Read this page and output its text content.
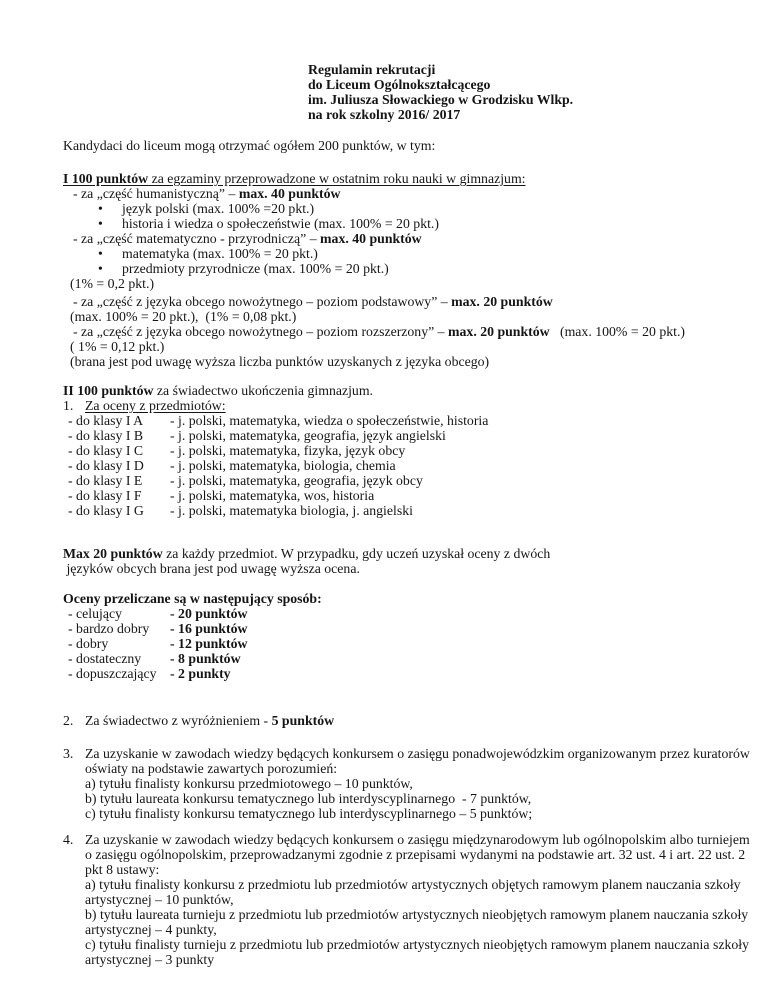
Regulamin rekrutacji
do Liceum Ogólnokształcącego
im. Juliusza Słowackiego w Grodzisku Wlkp.
na rok szkolny 2016/ 2017
Kandydaci do liceum mogą otrzymać ogółem 200 punktów, w tym:
I 100 punktów za egzaminy przeprowadzone w ostatnim roku nauki w gimnazjum:
- za „część humanistyczną” – max. 40 punktów
•	język polski (max. 100% =20 pkt.)
•	historia i wiedza o społeczeństwie (max. 100% = 20 pkt.)
- za „część matematyczno - przyrodniczą” – max. 40 punktów
•	matematyka (max. 100% = 20 pkt.)
•	przedmioty przyrodnicze (max. 100% = 20 pkt.)
(1% = 0,2 pkt.)
- za „część z języka obcego nowożytnego – poziom podstawowy” – max. 20 punktów
(max. 100% = 20 pkt.),  (1% = 0,08 pkt.)
- za „część z języka obcego nowożytnego – poziom rozszerzony” – max. 20 punktów   (max. 100% = 20 pkt.)
( 1% = 0,12 pkt.)
(brana jest pod uwagę wyższa liczba punktów uzyskanych z języka obcego)
II 100 punktów za świadectwo ukończenia gimnazjum.
1. Za oceny z przedmiotów:
- do klasy I A	- j. polski, matematyka, wiedza o społeczeństwie, historia
- do klasy I B	- j. polski, matematyka, geografia, język angielski
- do klasy I C	- j. polski, matematyka, fizyka, język obcy
- do klasy I D	- j. polski, matematyka, biologia, chemia
- do klasy I E	- j. polski, matematyka, geografia, język obcy
- do klasy I F	- j. polski, matematyka, wos, historia
- do klasy I G	- j. polski, matematyka biologia, j. angielski
Max 20 punktów za każdy przedmiot. W przypadku, gdy uczeń uzyskał oceny z dwóch
języków obcych brana jest pod uwagę wyższa ocena.
Oceny przeliczane są w następujący sposób:
- celujący	- 20 punktów
- bardzo dobry	- 16 punktów
- dobry	- 12 punktów
- dostateczny	- 8 punktów
- dopuszczający - 2 punkty
2. Za świadectwo z wyróżnieniem - 5 punktów
3. Za uzyskanie w zawodach wiedzy będących konkursem o zasięgu ponadwojewódzkim organizowanym przez kuratorów oświaty na podstawie zawartych porozumień:
a) tytułu finalisty konkursu przedmiotowego – 10 punktów,
b) tytułu laureata konkursu tematycznego lub interdyscyplinarnego  - 7 punktów,
c) tytułu finalisty konkursu tematycznego lub interdyscyplinarnego – 5 punktów;
4. Za uzyskanie w zawodach wiedzy będących konkursem o zasięgu międzynarodowym lub ogólnopolskim albo turniejem o zasięgu ogólnopolskim, przeprowadzanymi zgodnie z przepisami wydanymi na podstawie art. 32 ust. 4 i art. 22 ust. 2 pkt 8 ustawy:
a) tytułu finalisty konkursu z przedmiotu lub przedmiotów artystycznych objętych ramowym planem nauczania szkoły artystycznej – 10 punktów,
b) tytułu laureata turnieju z przedmiotu lub przedmiotów artystycznych nieobjętych ramowym planem nauczania szkoły artystycznej – 4 punkty,
c) tytułu finalisty turnieju z przedmiotu lub przedmiotów artystycznych nieobjętych ramowym planem nauczania szkoły artystycznej – 3 punkty
